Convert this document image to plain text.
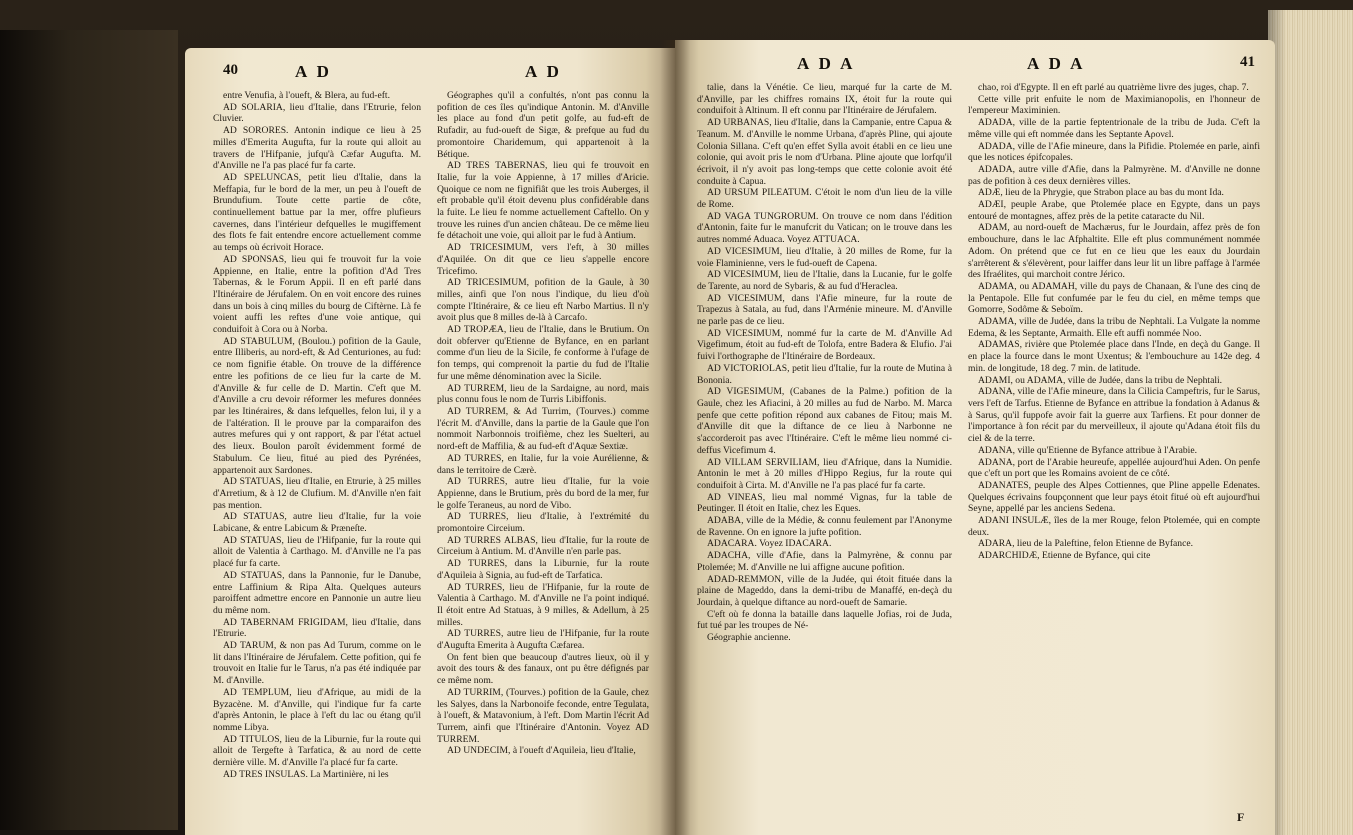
40	A D	A D

entre Venufia, à l'oueft, & Blera, au fud-eft.

AD SOLARIA, lieu d'Italie, dans l'Etrurie, felon Cluvier.

AD SORORES. Antonin indique ce lieu à 25 milles d'Emerita Augufta, fur la route qui alloit au travers de l'Hifpanie, jufqu'à Cæfar Augufta. M. d'Anville ne l'a pas placé fur fa carte.

AD SPELUNCAS, petit lieu d'Italie, dans la Meffapia, fur le bord de la mer, un peu à l'oueft de Brundufium. Toute cette partie de côte, continuellement battue par la mer, offre plufieurs cavernes, dans l'intérieur defquelles le mugiffement des flots fe fait entendre encore actuellement comme au temps où écrivoit Horace.

AD SPONSAS, lieu qui fe trouvoit fur la voie Appienne, en Italie, entre la pofition d'Ad Tres Tabernas, & le Forum Appii. Il en eft parlé dans l'Itinéraire de Jérufalem. On en voit encore des ruines dans un bois à cinq milles du bourg de Ciftèrne. Là fe voient auffi les reftes d'une voie antique, qui conduifoit à Cora ou à Norba.

AD STABULUM, (Boulou.) pofition de la Gaule, entre Illiberis, au nord-eft, & Ad Centuriones, au fud: ce nom fignifie étable. On trouve de la différence entre les pofitions de ce lieu fur la carte de M. d'Anville & fur celle de D. Martin. C'eft que M. d'Anville a cru devoir réformer les mefures données par les Itinéraires, & dans lefquelles, felon lui, il y a de l'altération. Il le prouve par la comparaifon des autres mefures qui y ont rapport, & par l'état actuel des lieux. Boulon paroît évidemment formé de Stabulum. Ce lieu, fitué au pied des Pyrénées, appartenoit aux Sardones.

AD STATUAS, lieu d'Italie, en Etrurie, à 25 milles d'Arretium, & à 12 de Clufium. M. d'Anville n'en fait pas mention.

AD STATUAS, autre lieu d'Italie, fur la voie Labicane, & entre Labicum & Præneſte.

AD STATUAS, lieu de l'Hifpanie, fur la route qui alloit de Valentia à Carthago. M. d'Anville ne l'a pas placé fur fa carte.

AD STATUAS, dans la Pannonie, fur le Danube, entre Laffinium & Ripa Alta. Quelques auteurs paroiffent admettre encore en Pannonie un autre lieu du même nom.

AD TABERNAM FRIGIDAM, lieu d'Italie, dans l'Etrurie.

AD TARUM, & non pas Ad Turum, comme on le lit dans l'Itinéraire de Jérufalem. Cette pofition, qui fe trouvoit en Italie fur le Tarus, n'a pas été indiquée par M. d'Anville.

AD TEMPLUM, lieu d'Afrique, au midi de la Byzacène. M. d'Anville, qui l'indique fur fa carte d'après Antonin, le place à l'eft du lac ou étang qu'il nomme Libya.

AD TITULOS, lieu de la Liburnie, fur la route qui alloit de Tergefte à Tarfatica, & au nord de cette dernière ville. M. d'Anville l'a placé fur fa carte.

AD TRES INSULAS. La Martinière, ni les

Géographes qu'il a confultés, n'ont pas connu la pofition de ces îles qu'indique Antonin. M. d'Anville les place au fond d'un petit golfe, au fud-eft de Rufadir, au fud-oueft de Sigæ, & prefque au fud du promontoire Charidemum, qui appartenoit à la Bétique.

AD TRES TABERNAS, lieu qui fe trouvoit en Italie, fur la voie Appienne, à 17 milles d'Aricie. Quoique ce nom ne fignifiât que les trois Auberges, il eft probable qu'il étoit devenu plus confidérable dans la fuite. Le lieu fe nomme actuellement Caftello. On y trouve les ruines d'un ancien château. De ce même lieu fe détachoit une voie, qui alloit par le fud à Antium.

AD TRICESIMUM, vers l'eft, à 30 milles d'Aquilée. On dit que ce lieu s'appelle encore Tricefimo.

AD TRICESIMUM, pofition de la Gaule, à 30 milles, ainfi que l'on nous l'indique, du lieu d'où compte l'Itinéraire, & ce lieu eft Narbo Martius. Il n'y avoit plus que 8 milles de-là à Carcafo.

AD TROPÆA, lieu de l'Italie, dans le Brutium. On doit obferver qu'Etienne de Byfance, en en parlant comme d'un lieu de la Sicile, fe conforme à l'ufage de fon temps, qui comprenoit la partie du fud de l'Italie fur une même dénomination avec la Sicile.

AD TURREM, lieu de la Sardaigne, au nord, mais plus connu fous le nom de Turris Libiffonis.

AD TURREM, & Ad Turrim, (Tourves.) comme l'écrit M. d'Anville, dans la partie de la Gaule que l'on nommoit Narbonnois troifième, chez les Suelteri, au nord-eft de Maffilia, & au fud-eft d'Aquæ Sextiæ.

AD TURRES, en Italie, fur la voie Aurélienne, & dans le territoire de Cærè.

AD TURRES, autre lieu d'Italie, fur la voie Appienne, dans le Brutium, près du bord de la mer, fur le golfe Teraneus, au nord de Vibo.

AD TURRES, lieu d'Italie, à l'extrémité du promontoire Circeium.

AD TURRES ALBAS, lieu d'Italie, fur la route de Circeium à Antium. M. d'Anville n'en parle pas.

AD TURRES, dans la Liburnie, fur la route d'Aquileia à Signia, au fud-eft de Tarfatica.

AD TURRES, lieu de l'Hifpanie, fur la route de Valentia à Carthago. M. d'Anville ne l'a point indiqué. Il étoit entre Ad Statuas, à 9 milles, & Adellum, à 25 milles.

AD TURRES, autre lieu de l'Hifpanie, fur la route d'Augufta Emerita à Augufta Cæfarea.

On fent bien que beaucoup d'autres lieux, où il y avoit des tours & des fanaux, ont pu être défignés par ce même nom.

AD TURRIM, (Tourves.) pofition de la Gaule, chez les Salyes, dans la Narbonoife feconde, entre Tegulata, à l'oueft, & Matavonium, à l'eft. Dom Martin l'écrit Ad Turrem, ainfi que l'Itinéraire d'Antonin. Voyez AD TURREM.

AD UNDECIM, à l'oueft d'Aquileia, lieu d'Italie,

A D A	A D A	41

talie, dans la Vénétie. Ce lieu, marqué fur la carte de M. d'Anville, par les chiffres romains IX, étoit fur la route qui conduifoit à Altinum. Il eft connu par l'Itinéraire de Jérufalem.

AD URBANAS, lieu d'Italie, dans la Campanie, entre Capua & Teanum. M. d'Anville le nomme Urbana, d'après Pline, qui ajoute Colonia Sillana. C'eft qu'en effet Sylla avoit établi en ce lieu une colonie, qui avoit pris le nom d'Urbana. Pline ajoute que lorfqu'il écrivoit, il n'y avoit pas long-temps que cette colonie avoit été conduite à Capua.

AD URSUM PILEATUM. C'étoit le nom d'un lieu de la ville de Rome.

AD VAGA TUNGRORUM. On trouve ce nom dans l'édition d'Antonin, faite fur le manufcrit du Vatican; on le trouve dans les autres nommé Aduaca. Voyez ATTUACA.

AD VICESIMUM, lieu d'Italie, à 20 milles de Rome, fur la voie Flaminienne, vers le fud-oueft de Capena.

AD VICESIMUM, lieu de l'Italie, dans la Lucanie, fur le golfe de Tarente, au nord de Sybaris, & au fud d'Heraclea.

AD VICESIMUM, dans l'Afie mineure, fur la route de Trapezus à Satala, au fud, dans l'Arménie mineure. M. d'Anville ne parle pas de ce lieu.

AD VICESIMUM, nommé fur la carte de M. d'Anville Ad Vigefimum, étoit au fud-eft de Tolofa, entre Badera & Elufio. J'ai fuivi l'orthographe de l'Itinéraire de Bordeaux.

AD VICTORIOLAS, petit lieu d'Italie, fur la route de Mutina à Bononia.

AD VIGESIMUM, (Cabanes de la Palme.) pofition de la Gaule, chez les Afiacini, à 20 milles au fud de Narbo. M. Marca penfe que cette pofition répond aux cabanes de Fitou; mais M. d'Anville dit que la diftance de ce lieu à Narbonne ne s'accorderoit pas avec l'Itinéraire. C'eft le même lieu nommé ci-deffus Vicefimum 4.

AD VILLAM SERVILIAM, lieu d'Afrique, dans la Numidie. Antonin le met à 20 milles d'Hippo Regius, fur la route qui conduifoit à Cirta. M. d'Anville ne l'a pas placé fur fa carte.

AD VINEAS, lieu mal nommé Vignas, fur la table de Peutinger. Il étoit en Italie, chez les Eques.

ADABA, ville de la Médie, & connu feulement par l'Anonyme de Ravenne. On en ignore la jufte pofition.

ADACARA. Voyez IDACARA.

ADACHA, ville d'Afie, dans la Palmyrène, & connu par Ptolemée; M. d'Anville ne lui affigne aucune pofition.

ADAD-REMMON, ville de la Judée, qui étoit fituée dans la plaine de Mageddo, dans la demi-tribu de Manaffé, en-deçà du Jourdain, à quelque diftance au nord-oueft de Samarie.

C'eft où fe donna la bataille dans laquelle Jofias, roi de Juda, fut tué par les troupes de Né-

Géographie ancienne.

chao, roi d'Egypte. Il en eft parlé au quatrième livre des juges, chap. 7.

Cette ville prit enfuite le nom de Maximianopolis, en l'honneur de l'empereur Maximinien.

ADADA, ville de la partie feptentrionale de la tribu de Juda. C'eft la même ville qui eft nommée dans les Septante Aρονεl.

ADADA, ville de l'Afie mineure, dans la Pifidie. Ptolemée en parle, ainfi que les notices épifcopales.

ADADA, autre ville d'Afie, dans la Palmyrène. M. d'Anville ne donne pas de pofition à ces deux dernières villes.

ADÆ, lieu de la Phrygie, que Strabon place au bas du mont Ida.

ADÆI, peuple Arabe, que Ptolemée place en Egypte, dans un pays entouré de montagnes, affez près de la petite cataracte du Nil.

ADAM, au nord-oueft de Machærus, fur le Jourdain, affez près de fon embouchure, dans le lac Afphaltite. Elle eft plus communément nommée Adom. On prétend que ce fut en ce lieu que les eaux du Jourdain s'arrêterent & s'élevèrent, pour laiffer dans leur lit un libre paffage à l'armée des Ifraélites, qui marchoit contre Jérico.

ADAMA, ou ADAMAH, ville du pays de Chanaan, & l'une des cinq de la Pentapole. Elle fut confumée par le feu du ciel, en même temps que Gomorre, Sodôme & Seboïm.

ADAMA, ville de Judée, dans la tribu de Nephtali. La Vulgate la nomme Edema, & les Septante, Armaith. Elle eft auffi nommée Noo.

ADAMAS, rivière que Ptolemée place dans l'Inde, en deçà du Gange. Il en place la fource dans le mont Uxentus; & l'embouchure au 142e deg. 4 min. de longitude, 18 deg. 7 min. de latitude.

ADAMI, ou ADAMA, ville de Judée, dans la tribu de Nephtali.

ADANA, ville de l'Afie mineure, dans la Cilicia Campeftris, fur le Sarus, vers l'eft de Tarfus. Etienne de Byfance en attribue la fondation à Adanus & à Sarus, qu'il fuppofe avoir fait la guerre aux Tarfiens. Et pour donner de l'importance à fon récit par du merveilleux, il ajoute qu'Adana étoit fils du ciel & de la terre.

ADANA, ville qu'Etienne de Byfance attribue à l'Arabie.

ADANA, port de l'Arabie heureufe, appellée aujourd'hui Aden. On penfe que c'eft un port que les Romains avoient de ce côté.

ADANATES, peuple des Alpes Cottiennes, que Pline appelle Edenates. Quelques écrivains foupçonnent que leur pays étoit fitué où eft aujourd'hui Seyne, appellé par les anciens Sedena.

ADANI INSULÆ, îles de la mer Rouge, felon Ptolemée, qui en compte deux.

ADARA, lieu de la Paleftine, felon Etienne de Byfance.

ADARCHIDÆ, Etienne de Byfance, qui cite

F
